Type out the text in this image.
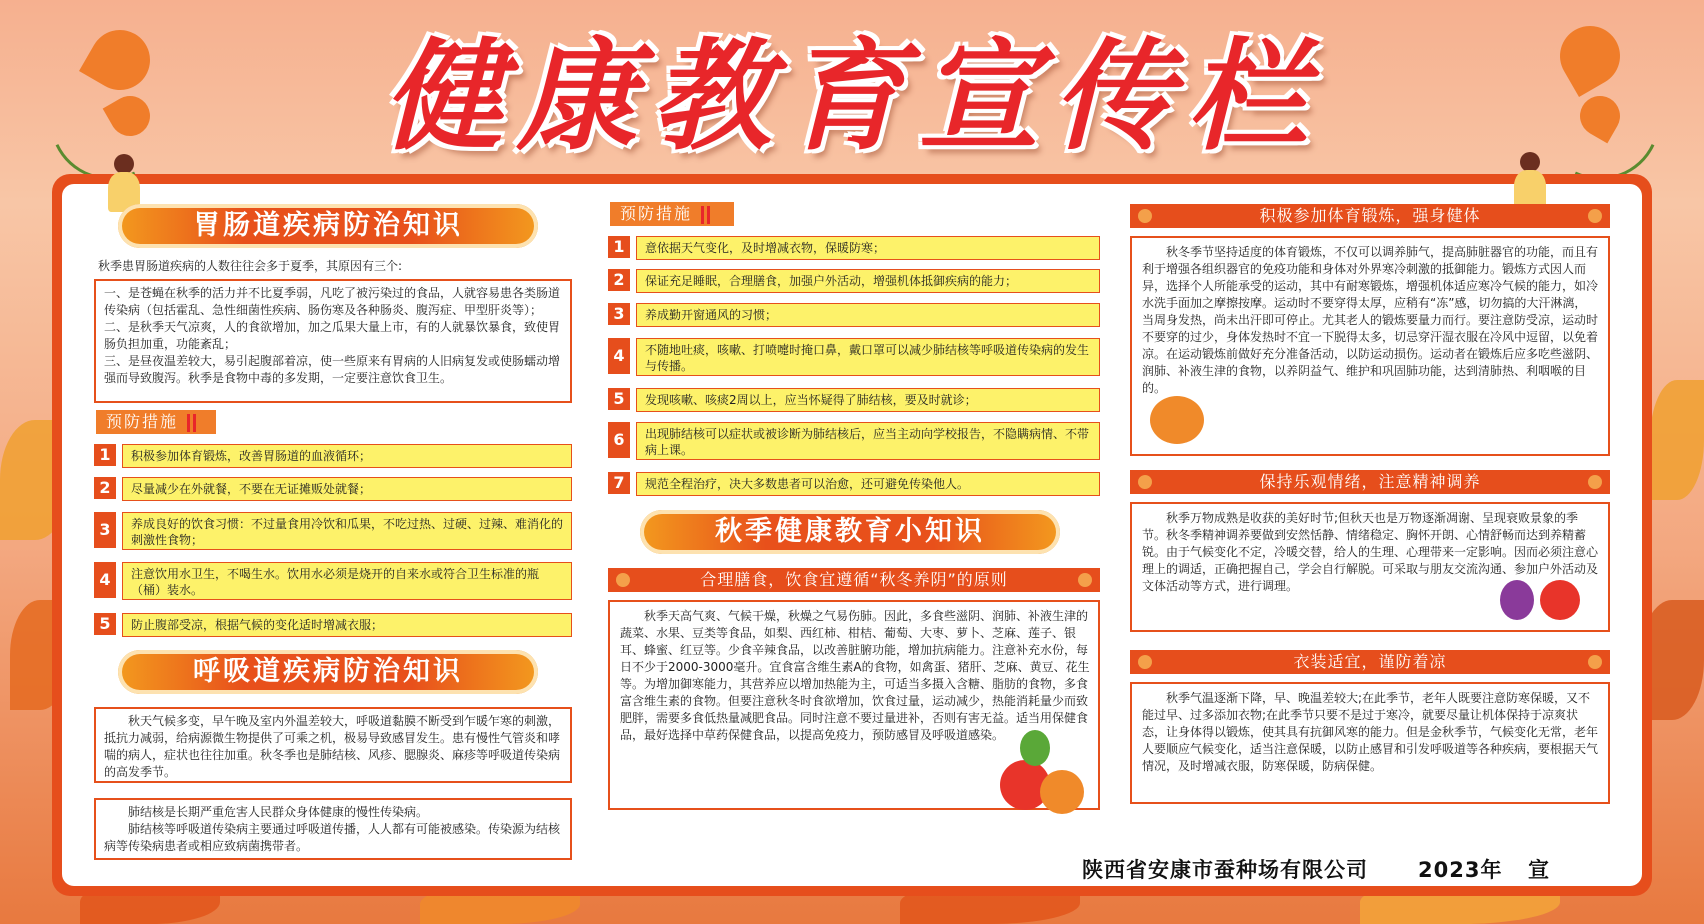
健康教育宣传栏
胃肠道疾病防治知识
秋季患胃肠道疾病的人数往往会多于夏季，其原因有三个:
一、是苍蝇在秋季的活力并不比夏季弱，凡吃了被污染过的食品，人就容易患各类肠道传染病（包括霍乱、急性细菌性疾病、肠伤寒及各种肠炎、腹泻症、甲型肝炎等）；
二、是秋季天气凉爽，人的食欲增加，加之瓜果大量上市，有的人就暴饮暴食，致使胃肠负担加重，功能紊乱；
三、是昼夜温差较大，易引起腹部着凉，使一些原来有胃病的人旧病复发或使肠蠕动增强而导致腹泻。秋季是食物中毒的多发期，一定要注意饮食卫生。
预防措施
1	积极参加体育锻炼，改善胃肠道的血液循环；
2	尽量减少在外就餐，不要在无证摊贩处就餐；
3	养成良好的饮食习惯：不过量食用冷饮和瓜果，不吃过热、过硬、过辣、难消化的刺激性食物；
4	注意饮用水卫生，不喝生水。饮用水必须是烧开的自来水或符合卫生标准的瓶（桶）装水。
5	防止腹部受凉，根据气候的变化适时增减衣服；
呼吸道疾病防治知识
秋天气候多变，早午晚及室内外温差较大，呼吸道黏膜不断受到乍暖乍寒的刺激，抵抗力减弱，给病源微生物提供了可乘之机，极易导致感冒发生。患有慢性气管炎和哮喘的病人，症状也往往加重。秋冬季也是肺结核、风疹、腮腺炎、麻疹等呼吸道传染病的高发季节。
肺结核是长期严重危害人民群众身体健康的慢性传染病。
肺结核等呼吸道传染病主要通过呼吸道传播，人人都有可能被感染。传染源为结核病等传染病患者或相应致病菌携带者。
预防措施
1	意依据天气变化，及时增减衣物，保暖防寒；
2	保证充足睡眠，合理膳食，加强户外活动，增强机体抵御疾病的能力；
3	养成勤开窗通风的习惯；
4	不随地吐痰，咳嗽、打喷嚏时掩口鼻，戴口罩可以减少肺结核等呼吸道传染病的发生与传播。
5	发现咳嗽、咳痰2周以上，应当怀疑得了肺结核，要及时就诊；
6	出现肺结核可以症状或被诊断为肺结核后，应当主动向学校报告，不隐瞒病情、不带病上课。
7	规范全程治疗，决大多数患者可以治愈，还可避免传染他人。
秋季健康教育小知识
合理膳食，饮食宜遵循“秋冬养阴”的原则
秋季天高气爽、气候干燥，秋燥之气易伤肺。因此，多食些滋阴、润肺、补液生津的蔬菜、水果、豆类等食品，如梨、西红柿、柑桔、葡萄、大枣、萝卜、芝麻、莲子、银耳、蜂蜜、红豆等。少食辛辣食品，以改善脏腑功能，增加抗病能力。注意补充水份，每日不少于2000-3000毫升。宜食富含维生素A的食物，如禽蛋、猪肝、芝麻、黄豆、花生等。为增加御寒能力，其营养应以增加热能为主，可适当多摄入含糖、脂肪的食物，多食富含维生素的食物。但要注意秋冬时食欲增加，饮食过量，运动减少，热能消耗量少而致肥胖，需要多食低热量减肥食品。同时注意不要过量进补，否则有害无益。适当用保健食品，最好选择中草药保健食品，以提高免疫力，预防感冒及呼吸道感染。
积极参加体育锻炼，强身健体
秋冬季节坚持适度的体育锻炼，不仅可以调养肺气，提高肺脏器官的功能，而且有利于增强各组织器官的免疫功能和身体对外界寒冷刺激的抵御能力。锻炼方式因人而异，选择个人所能承受的运动，其中有耐寒锻炼，增强机体适应寒冷气候的能力，如冷水洗手面加之摩擦按摩。运动时不要穿得太厚，应稍有“冻”感，切勿搞的大汗淋漓，当周身发热，尚未出汗即可停止。尤其老人的锻炼要量力而行。要注意防受凉，运动时不要穿的过少，身体发热时不宜一下脱得太多，切忌穿汗湿衣服在冷风中逗留，以免着凉。在运动锻炼前做好充分准备活动，以防运动损伤。运动者在锻炼后应多吃些滋阴、润肺、补液生津的食物，以养阴益气、维护和巩固肺功能，达到清肺热、利咽喉的目的。
保持乐观情绪，注意精神调养
秋季万物成熟是收获的美好时节;但秋天也是万物逐渐凋谢、呈现衰败景象的季节。秋冬季精神调养要做到安然恬静、情绪稳定、胸怀开朗、心情舒畅而达到养精蓄锐。由于气候变化不定，冷暖交替，给人的生理、心理带来一定影响。因而必须注意心理上的调适，正确把握自己，学会自行解脱。可采取与朋友交流沟通、参加户外活动及文体活动等方式，进行调理。
衣装适宜，谨防着凉
秋季气温逐渐下降，早、晚温差较大;在此季节，老年人既要注意防寒保暖，又不能过早、过多添加衣物;在此季节只要不是过于寒冷，就要尽量让机体保持于凉爽状态，让身体得以锻炼，使其具有抗御风寒的能力。但是金秋季节，气候变化无常，老年人要顺应气候变化，适当注意保暖，以防止感冒和引发呼吸道等各种疾病，要根据天气情况，及时增减衣服，防寒保暖，防病保健。
陕西省安康市蚕种场有限公司 2023年 宣
